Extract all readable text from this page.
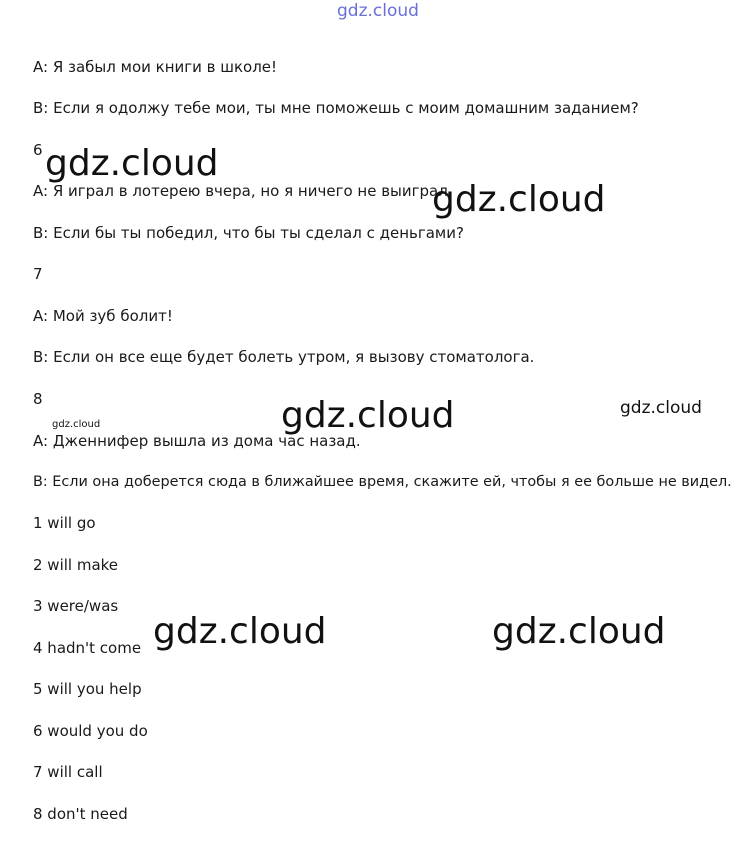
gdz.cloud
A: Я забыл мои книги в школе!
B: Если я одолжу тебе мои, ты мне поможешь с моим домашним заданием?
6
A: Я играл в лотерею вчера, но я ничего не выиграл.
B: Если бы ты победил, что бы ты сделал с деньгами?
7
A: Мой зуб болит!
B: Если он все еще будет болеть утром, я вызову стоматолога.
8
A: Дженнифер вышла из дома час назад.
B: Если она доберется сюда в ближайшее время, скажите ей, чтобы я ее больше не видел.
1 will go
2 will make
3 were/was
4 hadn't come
5 will you help
6 would you do
7 will call
8 don't need
gdz.cloud
gdz.cloud
gdz.cloud	gdz.cloud
gdz.cloud
gdz.cloud	gdz.cloud
